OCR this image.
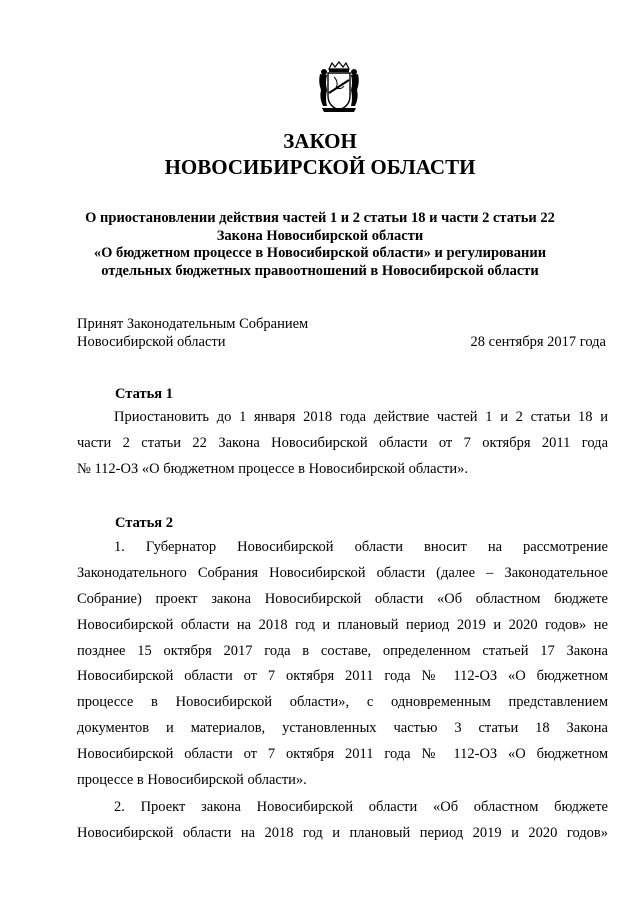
ЗАКОН
НОВОСИБИРСКОЙ ОБЛАСТИ
О приостановлении действия частей 1 и 2 статьи 18 и части 2 статьи 22
Закона Новосибирской области
«О бюджетном процессе в Новосибирской области» и регулировании
отдельных бюджетных правоотношений в Новосибирской области
Принят Законодательным Собранием
Новосибирской области	28 сентября 2017 года
Статья 1
Приостановить до 1 января 2018 года действие частей 1 и 2 статьи 18 и
части 2 статьи 22 Закона Новосибирской области от 7 октября 2011 года
№ 112-ОЗ «О бюджетном процессе в Новосибирской области».
Статья 2
1. Губернатор Новосибирской области вносит на рассмотрение
Законодательного Собрания Новосибирской области (далее – Законодательное
Собрание) проект закона Новосибирской области «Об областном бюджете
Новосибирской области на 2018 год и плановый период 2019 и 2020 годов» не
позднее 15 октября 2017 года в составе, определенном статьей 17 Закона
Новосибирской области от 7 октября 2011 года № 112-ОЗ «О бюджетном
процессе в Новосибирской области», с одновременным представлением
документов и материалов, установленных частью 3 статьи 18 Закона
Новосибирской области от 7 октября 2011 года № 112-ОЗ «О бюджетном
процессе в Новосибирской области».
2. Проект закона Новосибирской области «Об областном бюджете
Новосибирской области на 2018 год и плановый период 2019 и 2020 годов»
